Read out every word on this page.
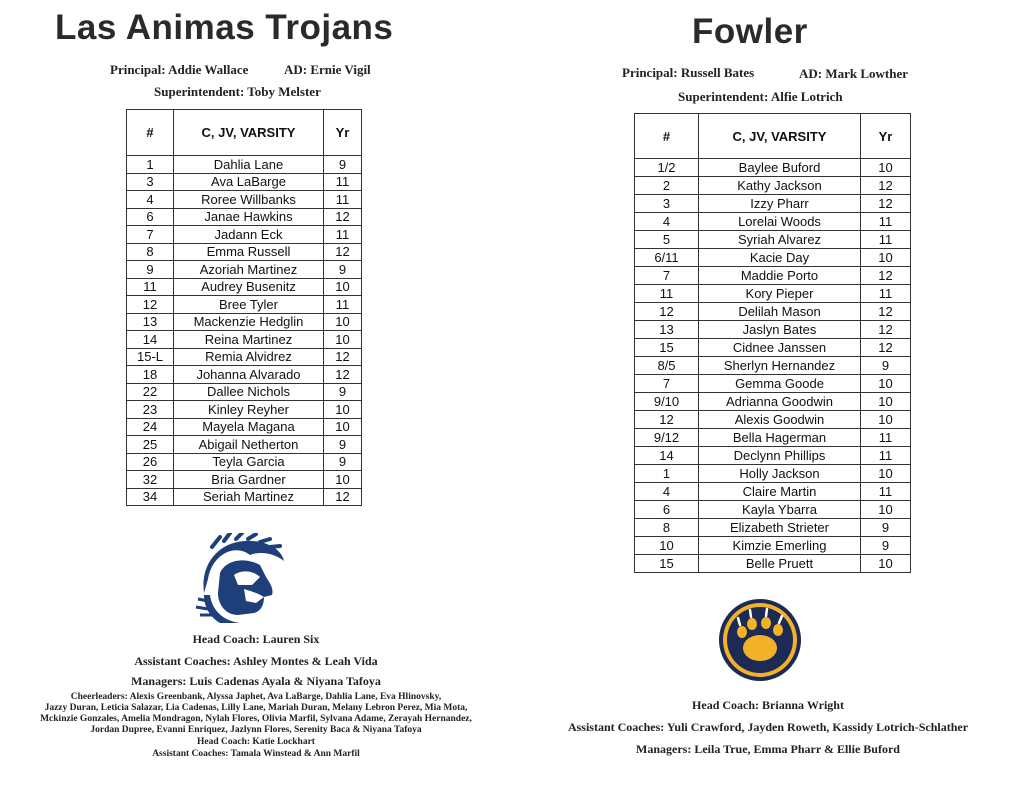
Las Animas Trojans
Principal: Addie Wallace	AD: Ernie Vigil
Superintendent: Toby Melster
#	C, JV, VARSITY	Yr
1	Dahlia Lane	9
3	Ava LaBarge	11
4	Roree Willbanks	11
6	Janae Hawkins	12
7	Jadann Eck	11
8	Emma Russell	12
9	Azoriah Martinez	9
11	Audrey Busenitz	10
12	Bree Tyler	11
13	Mackenzie Hedglin	10
14	Reina Martinez	10
15-L	Remia Alvidrez	12
18	Johanna Alvarado	12
22	Dallee Nichols	9
23	Kinley Reyher	10
24	Mayela Magana	10
25	Abigail Netherton	9
26	Teyla Garcia	9
32	Bria Gardner	10
34	Seriah Martinez	12
Head Coach: Lauren Six
Assistant Coaches: Ashley Montes & Leah Vida
Managers: Luis Cadenas Ayala & Niyana Tafoya
Cheerleaders: Alexis Greenbank, Alyssa Japhet, Ava LaBarge, Dahlia Lane, Eva Hlinovsky,
Jazzy Duran, Leticia Salazar, Lia Cadenas, Lilly Lane, Mariah Duran, Melany Lebron Perez, Mia Mota,
Mckinzie Gonzales, Amelia Mondragon, Nylah Flores, Olivia Marfil, Sylvana Adame, Zerayah Hernandez,
Jordan Dupree, Evanni Enriquez, Jazlynn Flores, Serenity Baca & Niyana Tafoya
Head Coach: Katie Lockhart
Assistant Coaches: Tamala Winstead & Ann Marfil
Fowler
Principal: Russell Bates	AD: Mark Lowther
Superintendent: Alfie Lotrich
#	C, JV, VARSITY	Yr
1/2	Baylee Buford	10
2	Kathy Jackson	12
3	Izzy Pharr	12
4	Lorelai Woods	11
5	Syriah Alvarez	11
6/11	Kacie Day	10
7	Maddie Porto	12
11	Kory Pieper	11
12	Delilah Mason	12
13	Jaslyn Bates	12
15	Cidnee Janssen	12
8/5	Sherlyn Hernandez	9
7	Gemma Goode	10
9/10	Adrianna Goodwin	10
12	Alexis Goodwin	10
9/12	Bella Hagerman	11
14	Declynn Phillips	11
1	Holly Jackson	10
4	Claire Martin	11
6	Kayla Ybarra	10
8	Elizabeth Strieter	9
10	Kimzie Emerling	9
15	Belle Pruett	10
Head Coach: Brianna Wright
Assistant Coaches: Yuli Crawford, Jayden Roweth, Kassidy Lotrich-Schlather
Managers: Leila True, Emma Pharr & Ellie Buford
